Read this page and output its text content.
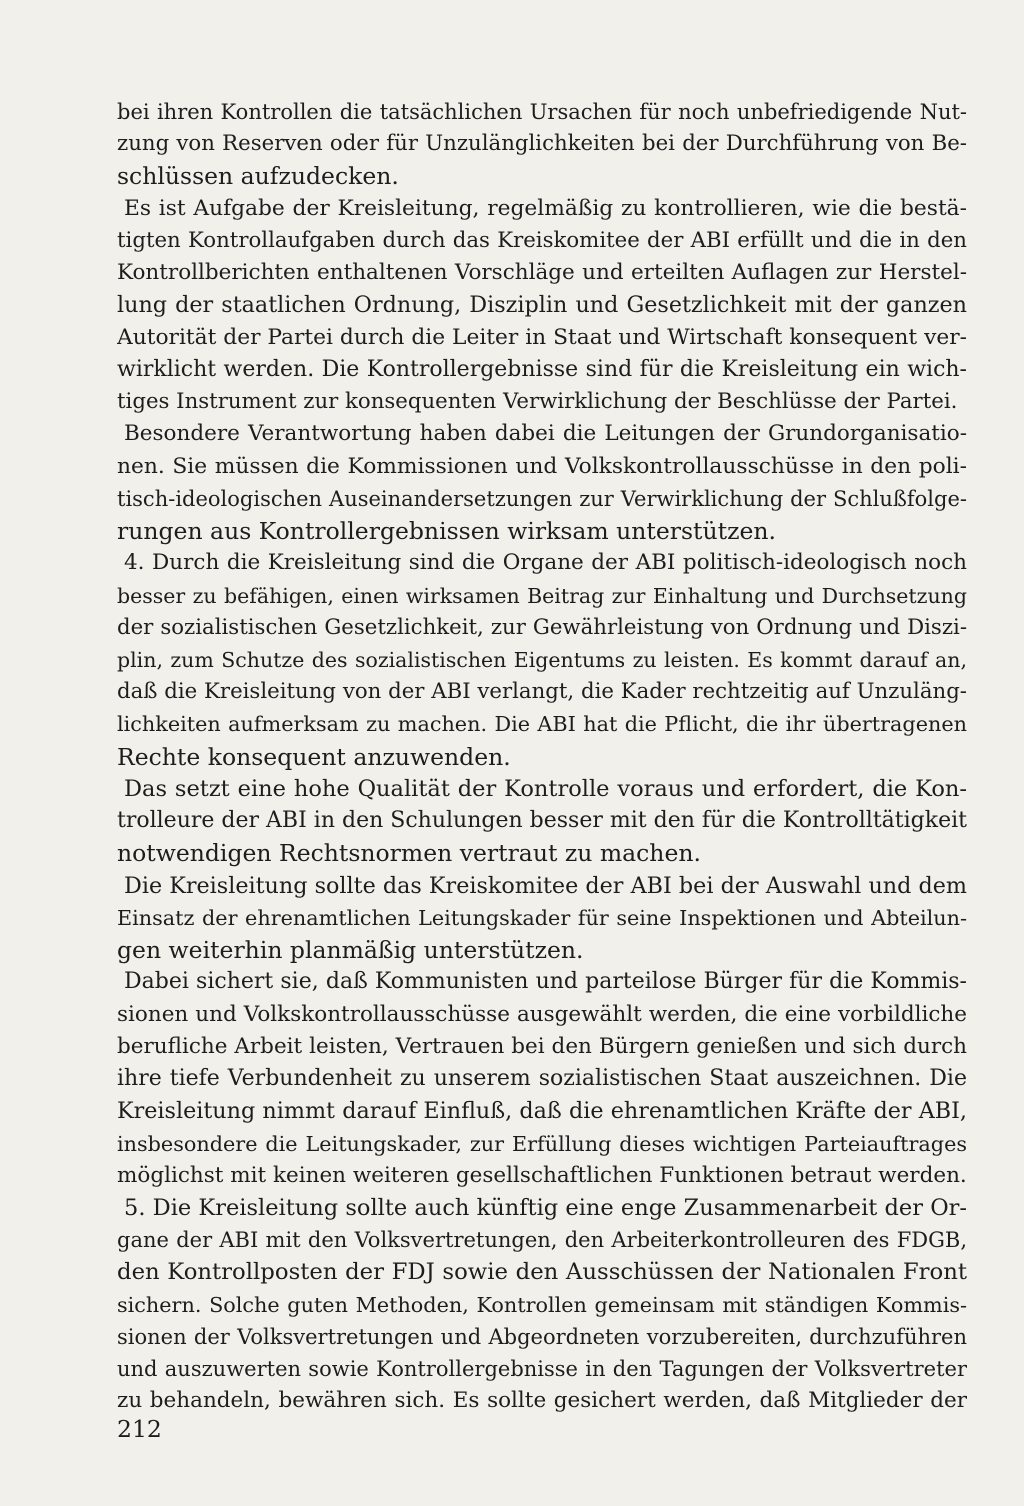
bei ihren Kontrollen die tatsächlichen Ursachen für noch unbefriedigende Nut-
zung von Reserven oder für Unzulänglichkeiten bei der Durchführung von Be-
schlüssen aufzudecken.
Es ist Aufgabe der Kreisleitung, regelmäßig zu kontrollieren, wie die bestä-
tigten Kontrollaufgaben durch das Kreiskomitee der ABI erfüllt und die in den
Kontrollberichten enthaltenen Vorschläge und erteilten Auflagen zur Herstel-
lung der staatlichen Ordnung, Disziplin und Gesetzlichkeit mit der ganzen
Autorität der Partei durch die Leiter in Staat und Wirtschaft konsequent ver-
wirklicht werden. Die Kontrollergebnisse sind für die Kreisleitung ein wich-
tiges Instrument zur konsequenten Verwirklichung der Beschlüsse der Partei.
Besondere Verantwortung haben dabei die Leitungen der Grundorganisatio-
nen. Sie müssen die Kommissionen und Volkskontrollausschüsse in den poli-
tisch-ideologischen Auseinandersetzungen zur Verwirklichung der Schlußfolge-
rungen aus Kontrollergebnissen wirksam unterstützen.
4. Durch die Kreisleitung sind die Organe der ABI politisch-ideologisch noch
besser zu befähigen, einen wirksamen Beitrag zur Einhaltung und Durchsetzung
der sozialistischen Gesetzlichkeit, zur Gewährleistung von Ordnung und Diszi-
plin, zum Schutze des sozialistischen Eigentums zu leisten. Es kommt darauf an,
daß die Kreisleitung von der ABI verlangt, die Kader rechtzeitig auf Unzuläng-
lichkeiten aufmerksam zu machen. Die ABI hat die Pflicht, die ihr übertragenen
Rechte konsequent anzuwenden.
Das setzt eine hohe Qualität der Kontrolle voraus und erfordert, die Kon-
trolleure der ABI in den Schulungen besser mit den für die Kontrolltätigkeit
notwendigen Rechtsnormen vertraut zu machen.
Die Kreisleitung sollte das Kreiskomitee der ABI bei der Auswahl und dem
Einsatz der ehrenamtlichen Leitungskader für seine Inspektionen und Abteilun-
gen weiterhin planmäßig unterstützen.
Dabei sichert sie, daß Kommunisten und parteilose Bürger für die Kommis-
sionen und Volkskontrollausschüsse ausgewählt werden, die eine vorbildliche
berufliche Arbeit leisten, Vertrauen bei den Bürgern genießen und sich durch
ihre tiefe Verbundenheit zu unserem sozialistischen Staat auszeichnen. Die
Kreisleitung nimmt darauf Einfluß, daß die ehrenamtlichen Kräfte der ABI,
insbesondere die Leitungskader, zur Erfüllung dieses wichtigen Parteiauftrages
möglichst mit keinen weiteren gesellschaftlichen Funktionen betraut werden.
5. Die Kreisleitung sollte auch künftig eine enge Zusammenarbeit der Or-
gane der ABI mit den Volksvertretungen, den Arbeiterkontrolleuren des FDGB,
den Kontrollposten der FDJ sowie den Ausschüssen der Nationalen Front
sichern. Solche guten Methoden, Kontrollen gemeinsam mit ständigen Kommis-
sionen der Volksvertretungen und Abgeordneten vorzubereiten, durchzuführen
und auszuwerten sowie Kontrollergebnisse in den Tagungen der Volksvertreter
zu behandeln, bewähren sich. Es sollte gesichert werden, daß Mitglieder der
212
